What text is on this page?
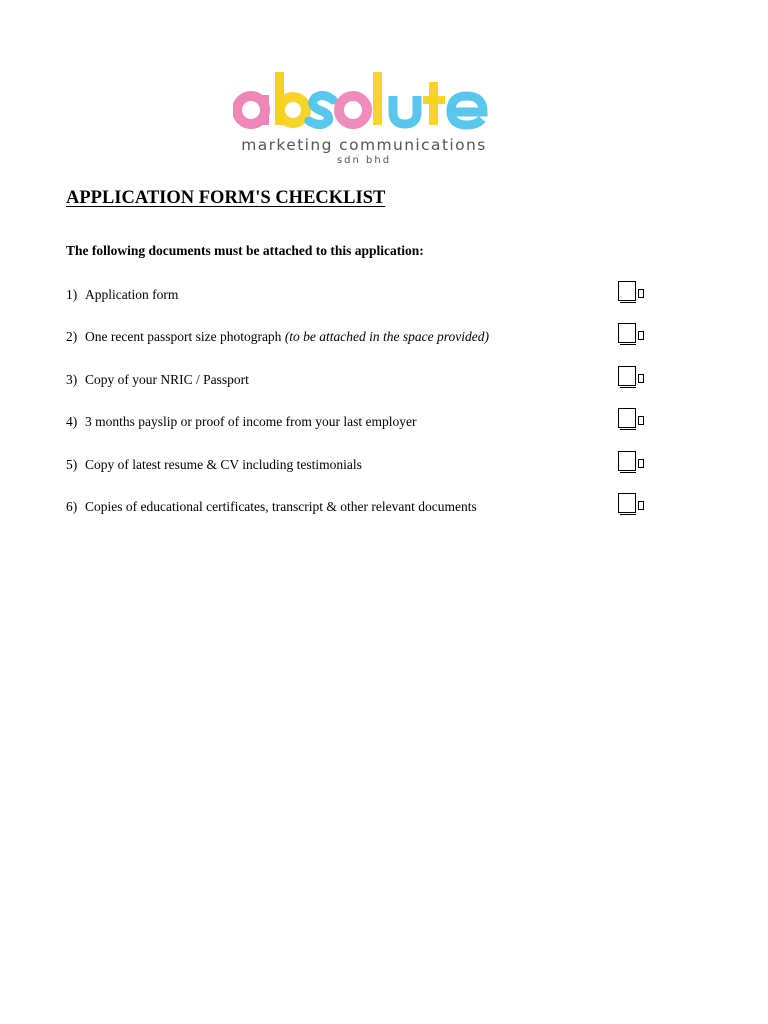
marketing communications
sdn bhd
APPLICATION FORM'S CHECKLIST

The following documents must be attached to this application:

1) Application form
2) One recent passport size photograph (to be attached in the space provided)
3) Copy of your NRIC / Passport
4) 3 months payslip or proof of income from your last employer
5) Copy of latest resume & CV including testimonials
6) Copies of educational certificates, transcript & other relevant documents
